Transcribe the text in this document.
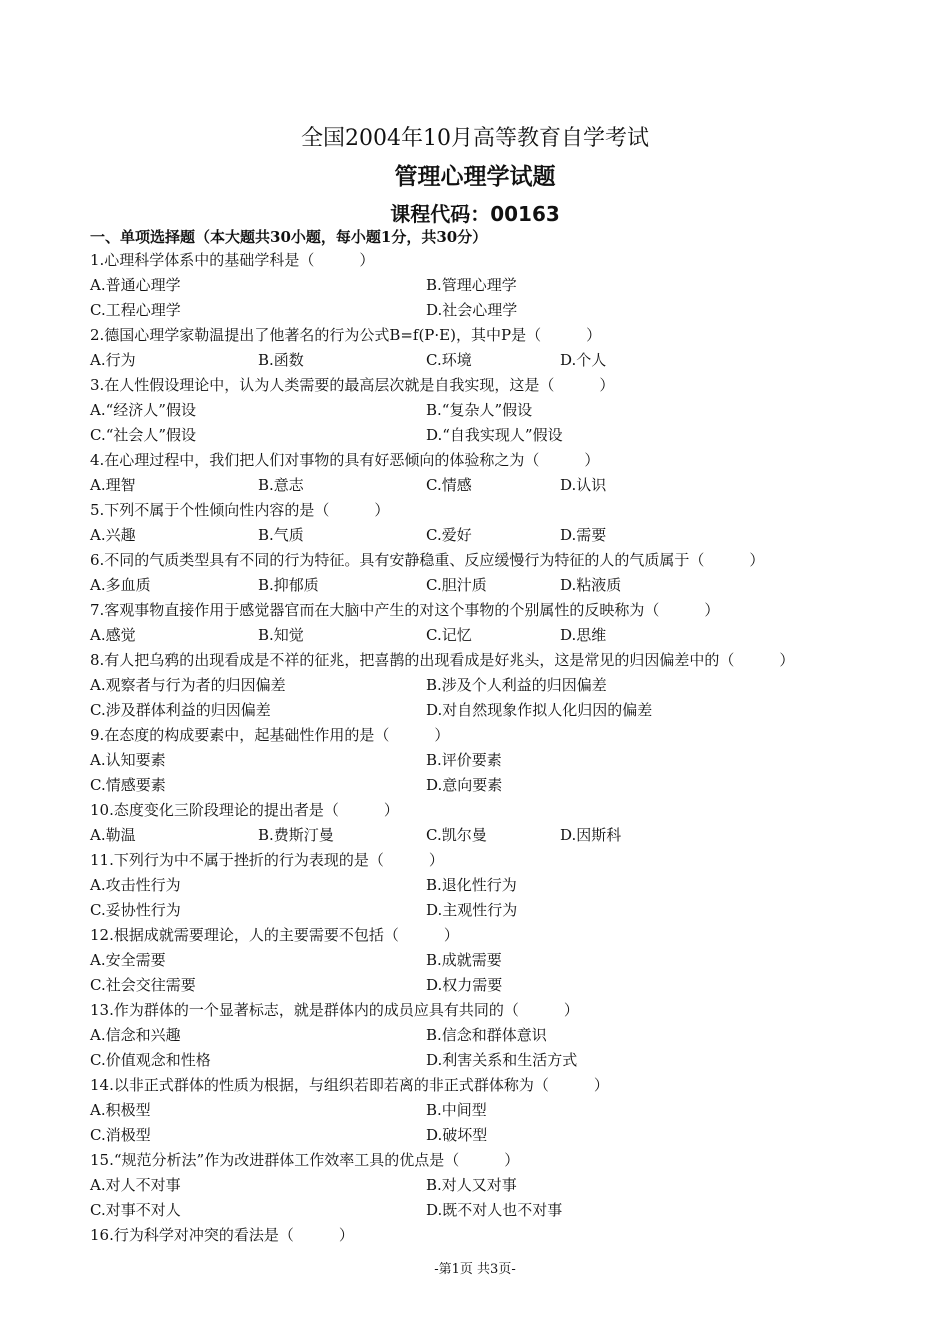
全国2004年10月高等教育自学考试
管理心理学试题
课程代码：00163
一、单项选择题（本大题共30小题，每小题1分，共30分）
1.心理科学体系中的基础学科是（　　　）
A.普通心理学	B.管理心理学
C.工程心理学	D.社会心理学
2.德国心理学家勒温提出了他著名的行为公式B=f(P·E)，其中P是（　　　）
A.行为	B.函数	C.环境	D.个人
3.在人性假设理论中，认为人类需要的最高层次就是自我实现，这是（　　　）
A.“经济人”假设	B.“复杂人”假设
C.“社会人”假设	D.“自我实现人”假设
4.在心理过程中，我们把人们对事物的具有好恶倾向的体验称之为（　　　）
A.理智	B.意志	C.情感	D.认识
5.下列不属于个性倾向性内容的是（　　　）
A.兴趣	B.气质	C.爱好	D.需要
6.不同的气质类型具有不同的行为特征。具有安静稳重、反应缓慢行为特征的人的气质属于（　　　）
A.多血质	B.抑郁质	C.胆汁质	D.粘液质
7.客观事物直接作用于感觉器官而在大脑中产生的对这个事物的个别属性的反映称为（　　　）
A.感觉	B.知觉	C.记忆	D.思维
8.有人把乌鸦的出现看成是不祥的征兆，把喜鹊的出现看成是好兆头，这是常见的归因偏差中的（　　　）
A.观察者与行为者的归因偏差	B.涉及个人利益的归因偏差
C.涉及群体利益的归因偏差	D.对自然现象作拟人化归因的偏差
9.在态度的构成要素中，起基础性作用的是（　　　）
A.认知要素	B.评价要素
C.情感要素	D.意向要素
10.态度变化三阶段理论的提出者是（　　　）
A.勒温	B.费斯汀曼	C.凯尔曼	D.因斯科
11.下列行为中不属于挫折的行为表现的是（　　　）
A.攻击性行为	B.退化性行为
C.妥协性行为	D.主观性行为
12.根据成就需要理论，人的主要需要不包括（　　　）
A.安全需要	B.成就需要
C.社会交往需要	D.权力需要
13.作为群体的一个显著标志，就是群体内的成员应具有共同的（　　　）
A.信念和兴趣	B.信念和群体意识
C.价值观念和性格	D.利害关系和生活方式
14.以非正式群体的性质为根据，与组织若即若离的非正式群体称为（　　　）
A.积极型	B.中间型
C.消极型	D.破坏型
15.“规范分析法”作为改进群体工作效率工具的优点是（　　　）
A.对人不对事	B.对人又对事
C.对事不对人	D.既不对人也不对事
16.行为科学对冲突的看法是（　　　）
-第1页 共3页-
